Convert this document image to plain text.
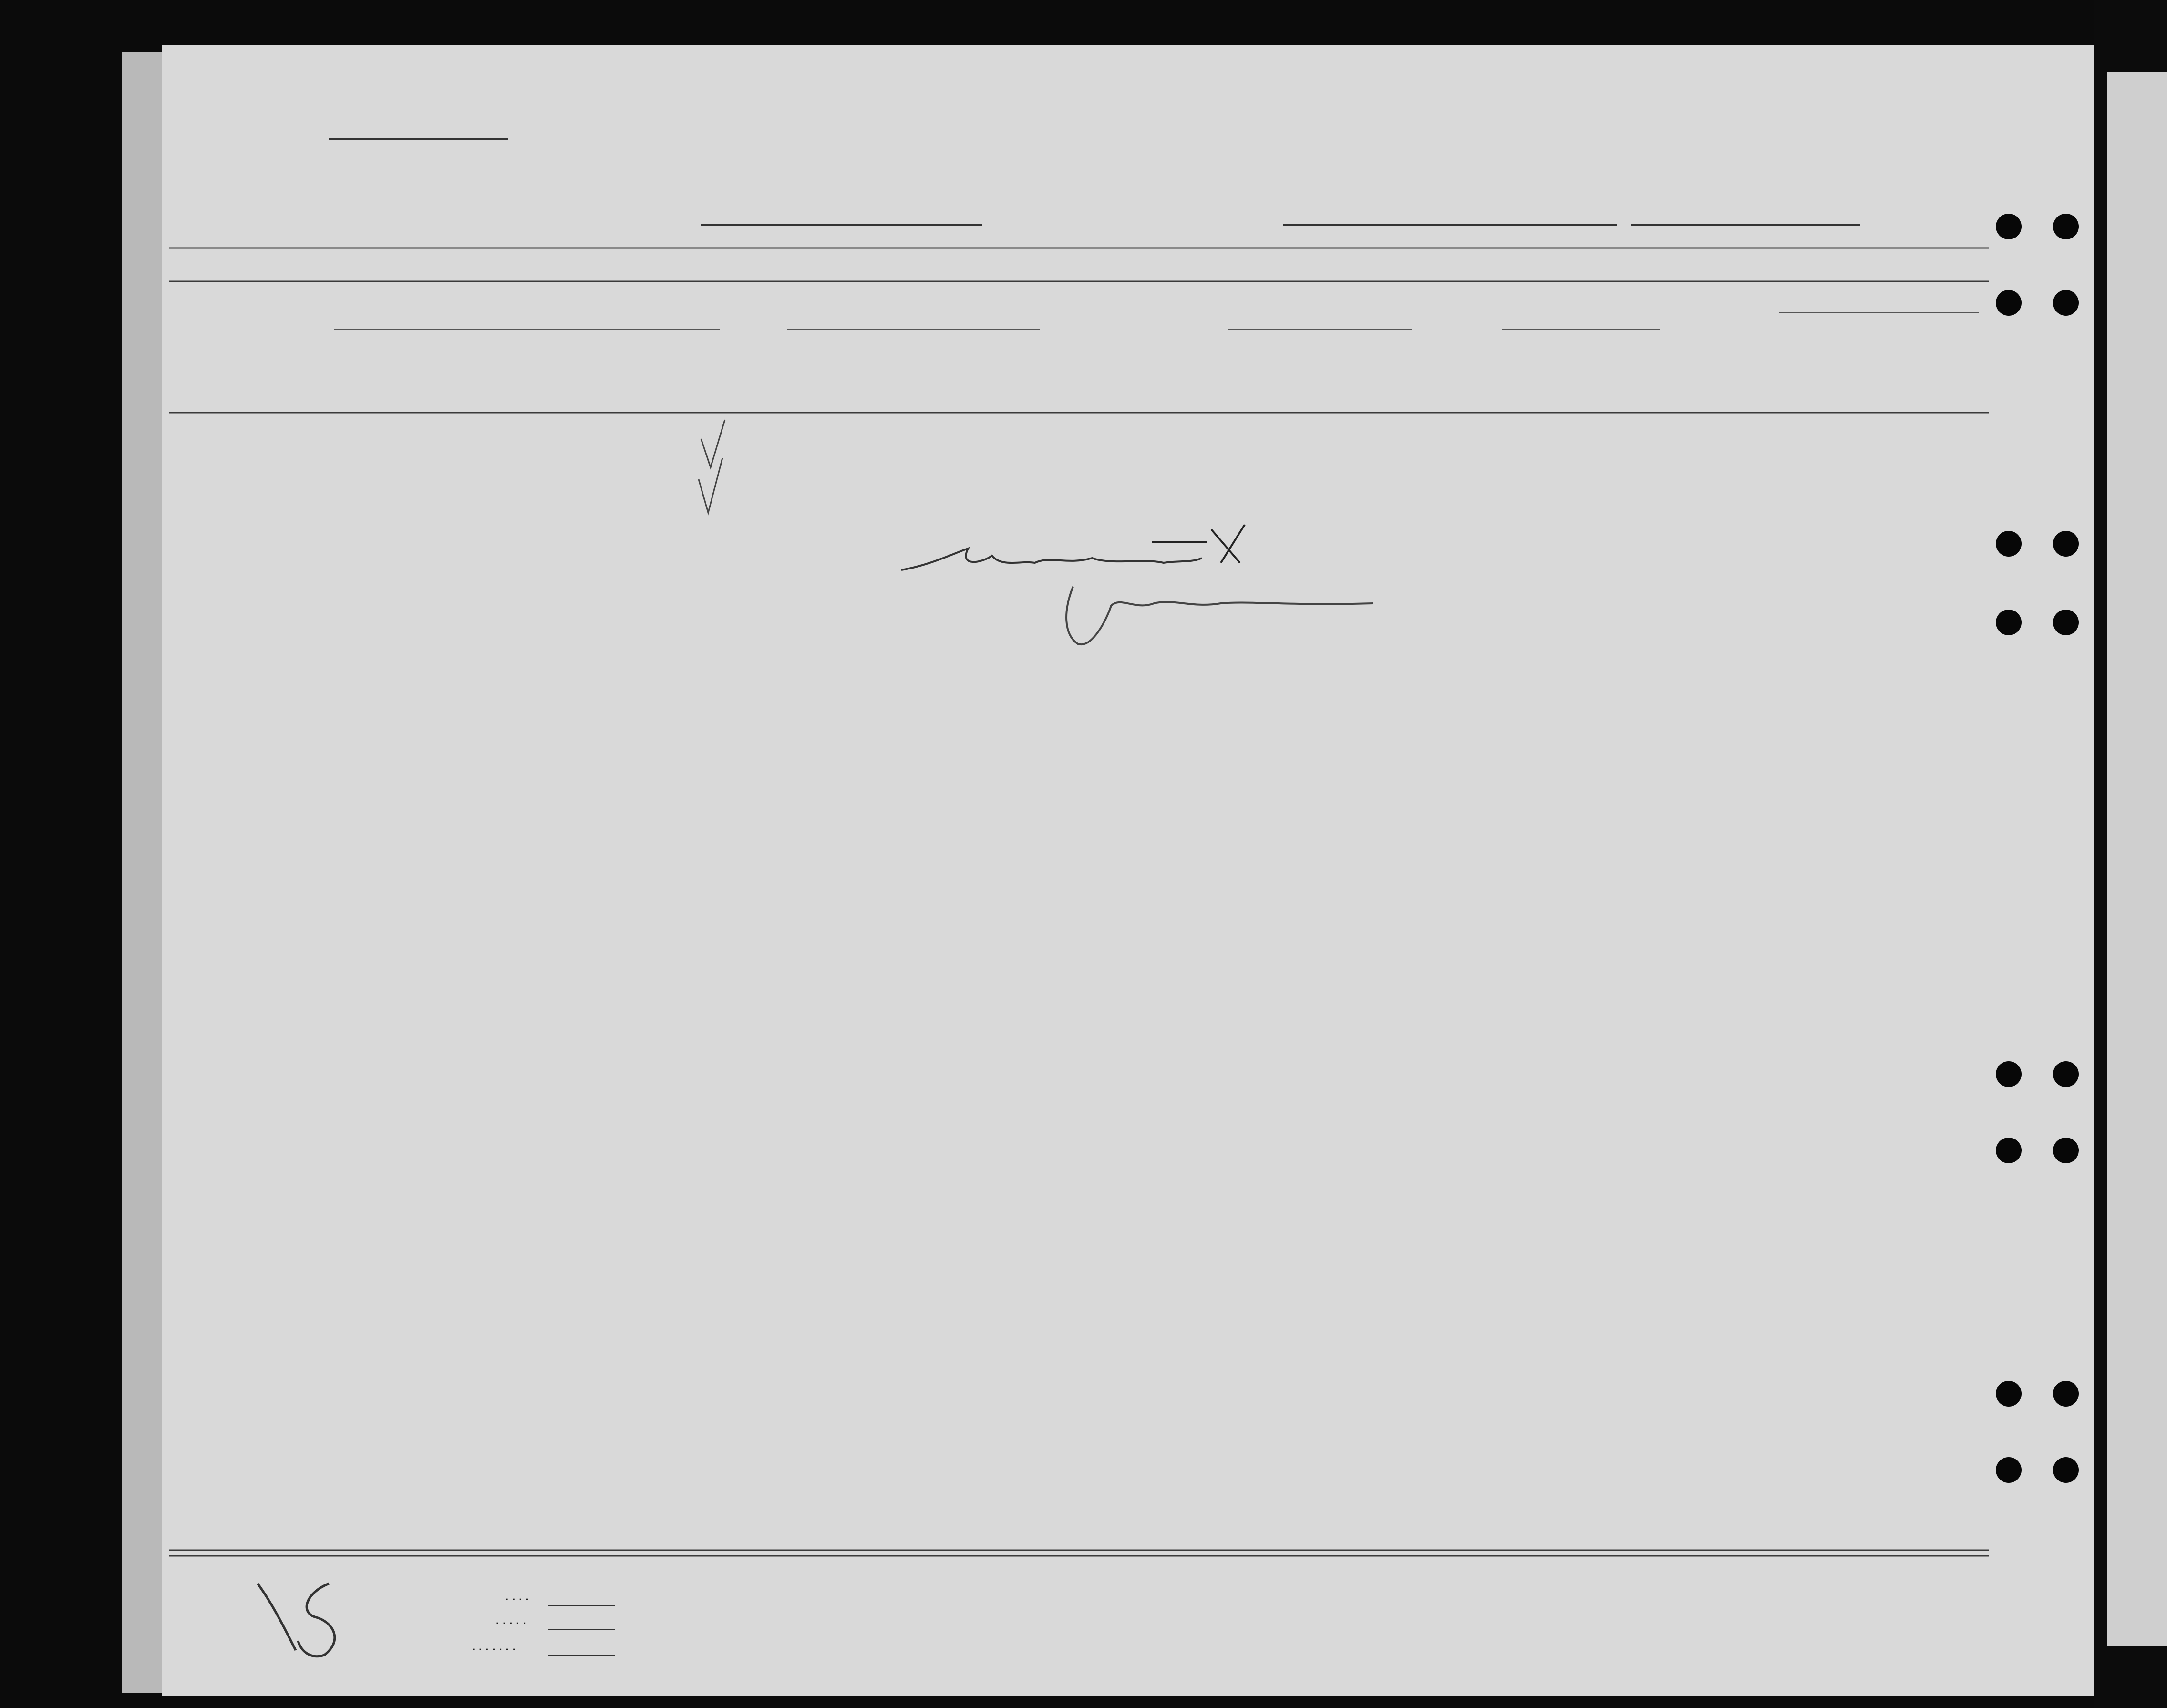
....
.....
.......
